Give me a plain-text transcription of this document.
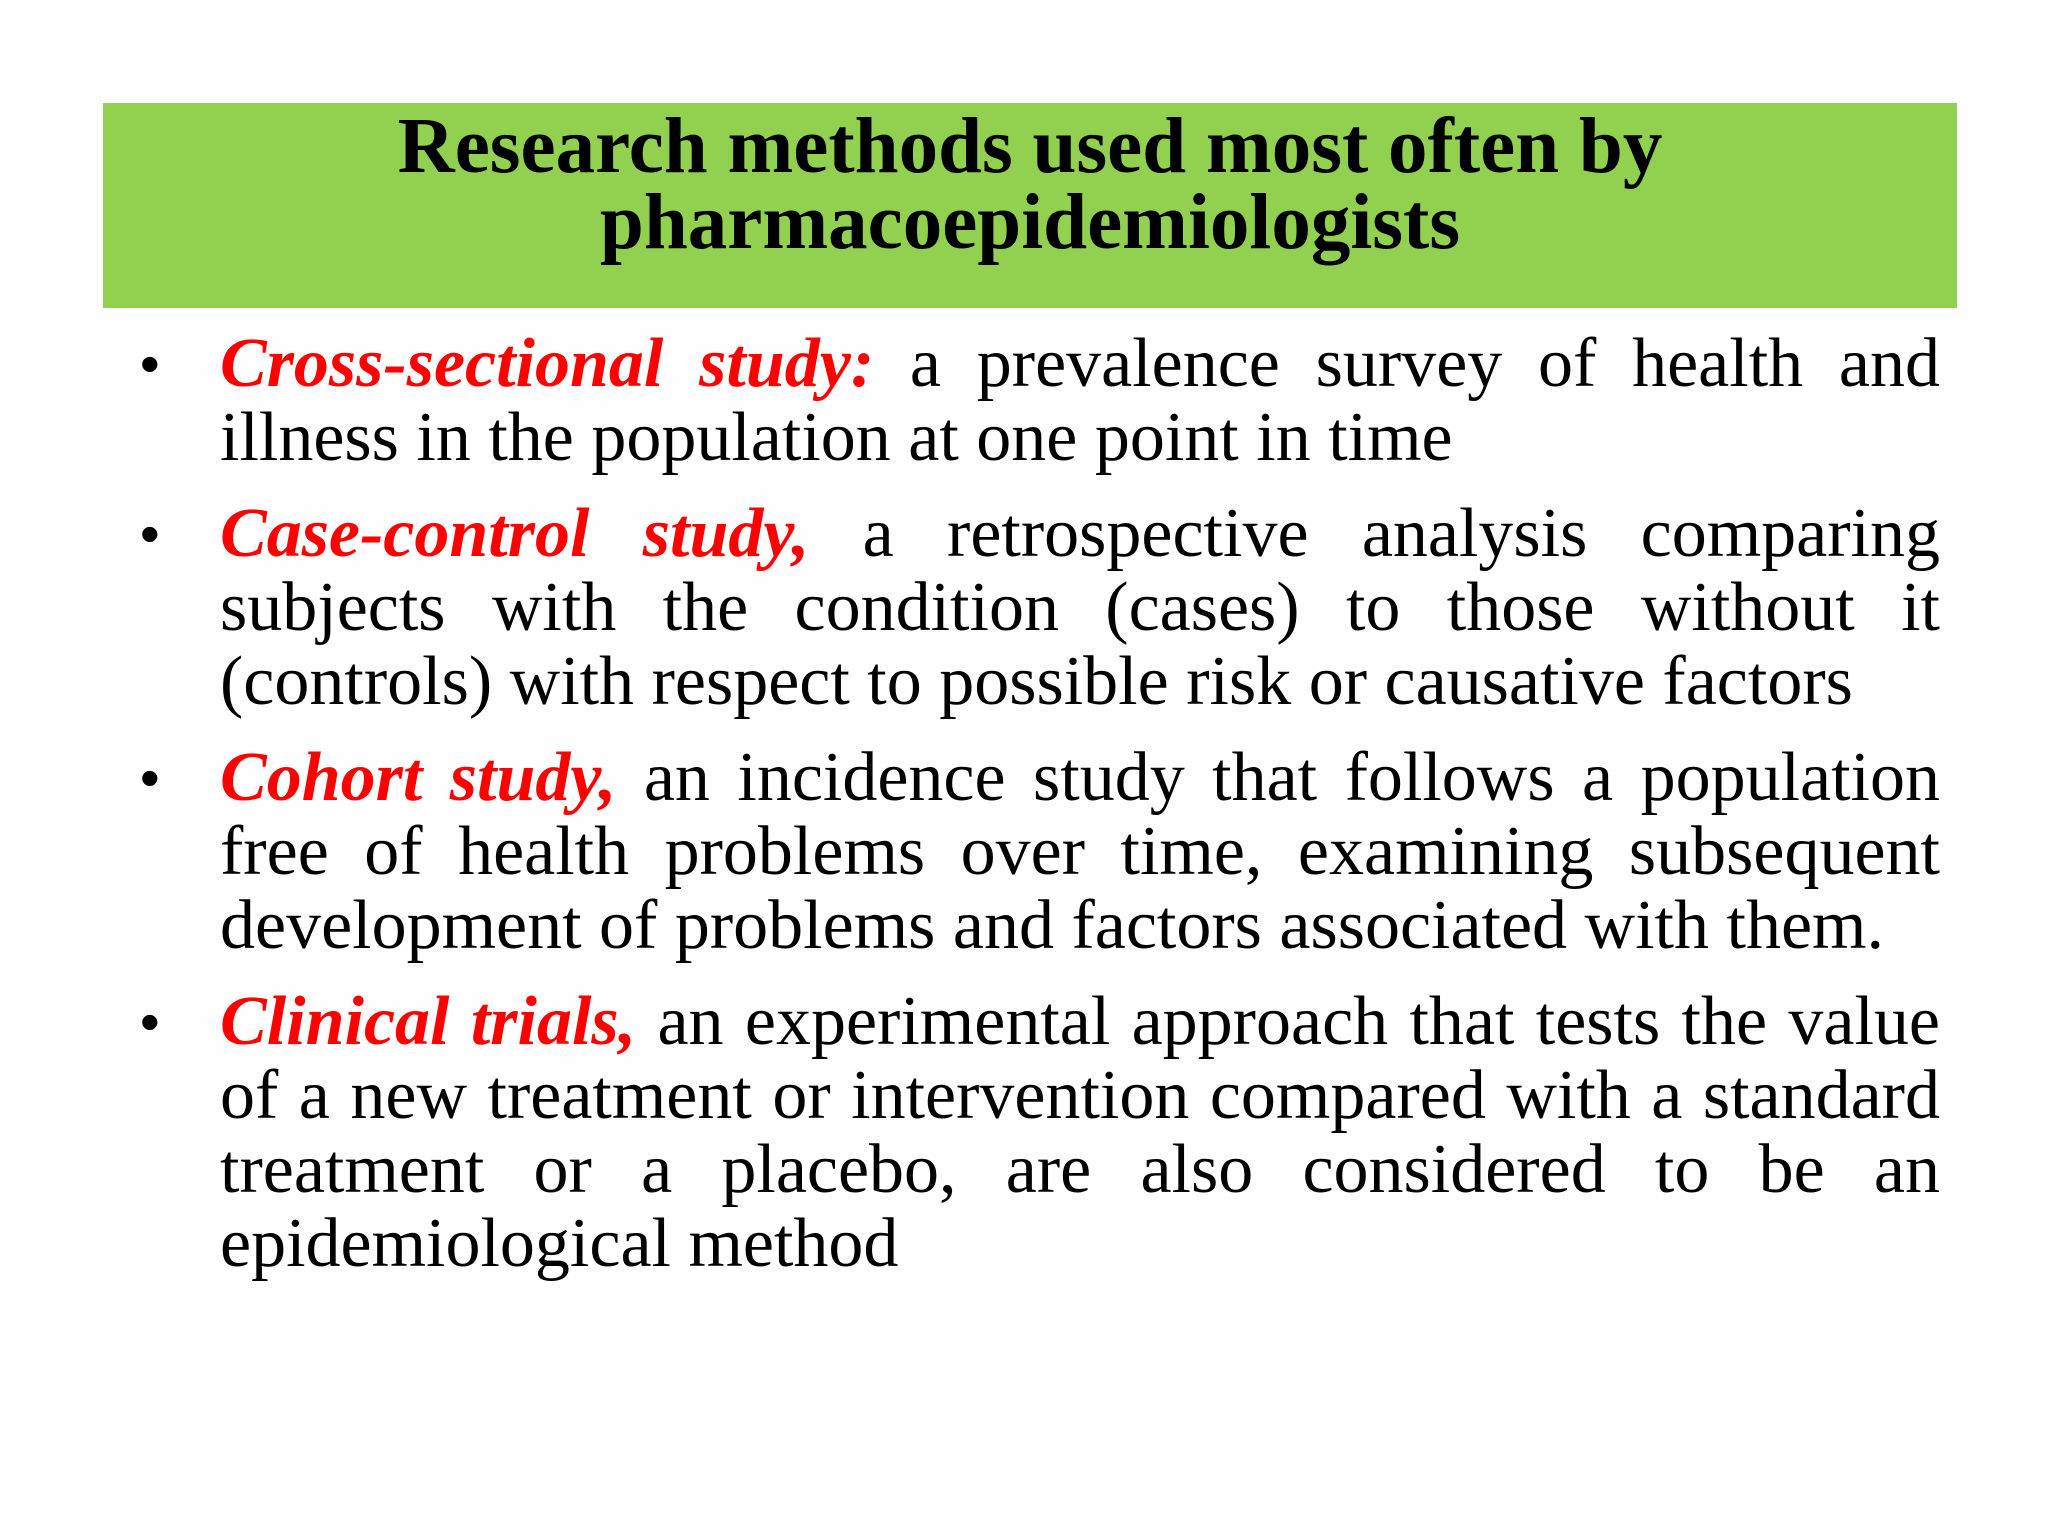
Research methods used most often by
pharmacoepidemiologists
• Cross-sectional study: a prevalence survey of health and illness in the population at one point in time
• Case-control study, a retrospective analysis comparing subjects with the condition (cases) to those without it (controls) with respect to possible risk or causative factors
• Cohort study, an incidence study that follows a population free of health problems over time, examining subsequent development of problems and factors associated with them.
• Clinical trials, an experimental approach that tests the value of a new treatment or intervention compared with a standard treatment or a placebo, are also considered to be an epidemiological method
